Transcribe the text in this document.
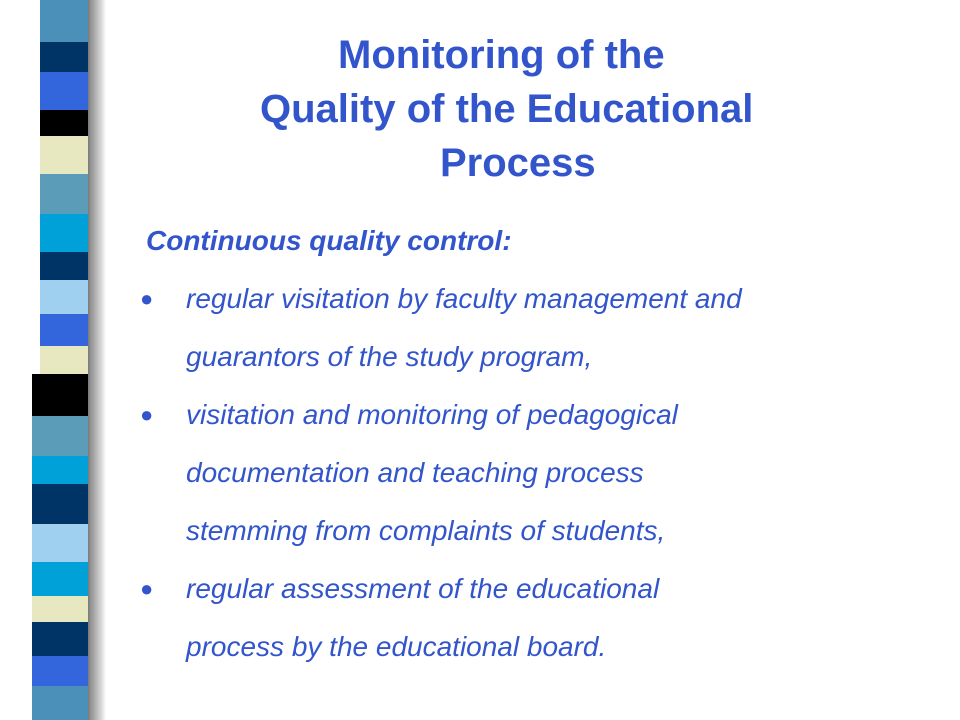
Monitoring of the
Quality of the Educational
Process
Continuous quality control:
● regular visitation by faculty management and
guarantors of the study program,
● visitation and monitoring of pedagogical
documentation and teaching process
stemming from complaints of students,
● regular assessment of the educational
process by the educational board.
